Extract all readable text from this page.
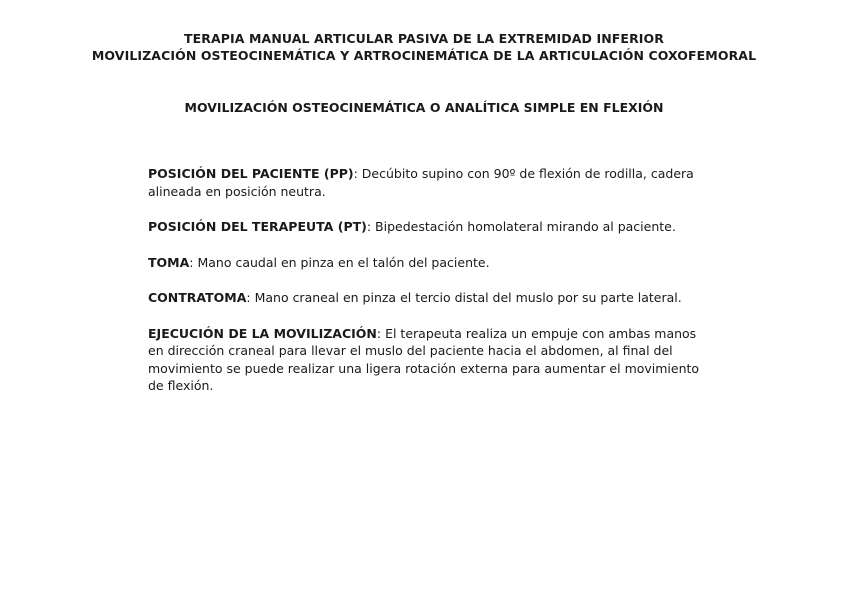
TERAPIA MANUAL ARTICULAR PASIVA DE LA EXTREMIDAD INFERIOR
MOVILIZACIÓN OSTEOCINEMÁTICA Y ARTROCINEMÁTICA DE LA ARTICULACIÓN COXOFEMORAL
MOVILIZACIÓN OSTEOCINEMÁTICA O ANALÍTICA SIMPLE EN FLEXIÓN

POSICIÓN DEL PACIENTE (PP): Decúbito supino con 90º de flexión de rodilla, cadera alineada en posición neutra.

POSICIÓN DEL TERAPEUTA (PT): Bipedestación homolateral mirando al paciente.

TOMA: Mano caudal en pinza en el talón del paciente.

CONTRATOMA: Mano craneal en pinza el tercio distal del muslo por su parte lateral.

EJECUCIÓN DE LA MOVILIZACIÓN: El terapeuta realiza un empuje con ambas manos en dirección craneal para llevar el muslo del paciente hacia el abdomen, al final del movimiento se puede realizar una ligera rotación externa para aumentar el movimiento de flexión.
